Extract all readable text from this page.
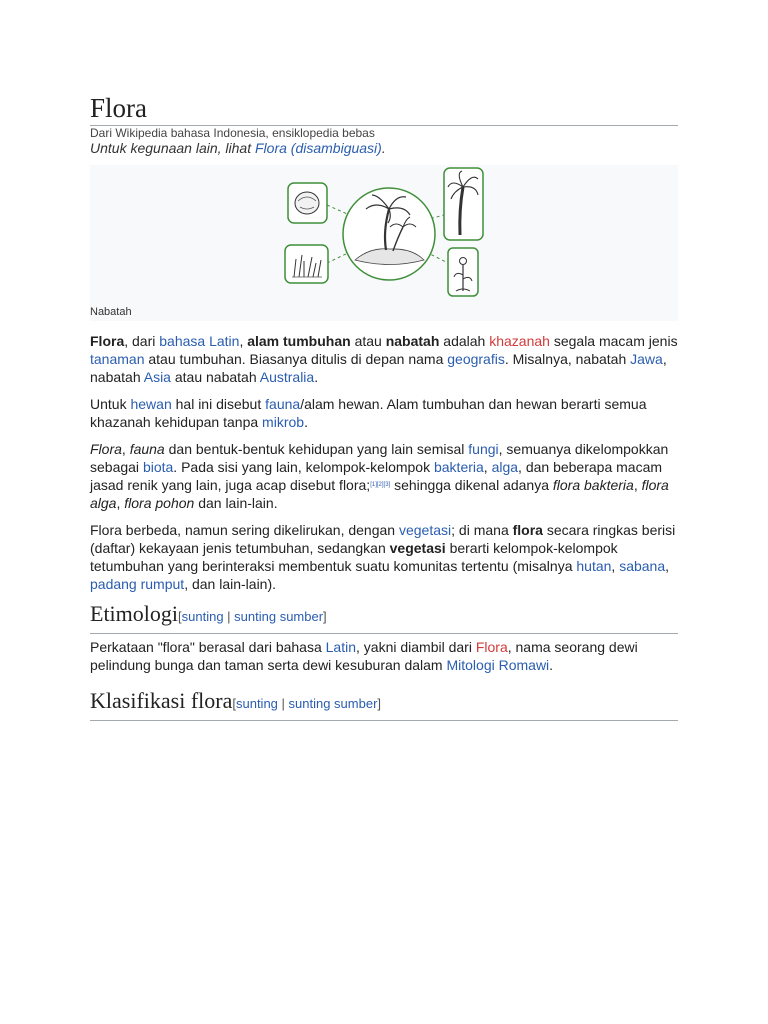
Flora
Dari Wikipedia bahasa Indonesia, ensiklopedia bebas
Untuk kegunaan lain, lihat Flora (disambiguasi).
Nabatah

Flora, dari bahasa Latin, alam tumbuhan atau nabatah adalah khazanah segala macam jenis tanaman atau tumbuhan. Biasanya ditulis di depan nama geografis. Misalnya, nabatah Jawa, nabatah Asia atau nabatah Australia.

Untuk hewan hal ini disebut fauna/alam hewan. Alam tumbuhan dan hewan berarti semua khazanah kehidupan tanpa mikrob.

Flora, fauna dan bentuk-bentuk kehidupan yang lain semisal fungi, semuanya dikelompokkan sebagai biota. Pada sisi yang lain, kelompok-kelompok bakteria, alga, dan beberapa macam jasad renik yang lain, juga acap disebut flora;[1][2][3] sehingga dikenal adanya flora bakteria, flora alga, flora pohon dan lain-lain.

Flora berbeda, namun sering dikelirukan, dengan vegetasi; di mana flora secara ringkas berisi (daftar) kekayaan jenis tetumbuhan, sedangkan vegetasi berarti kelompok-kelompok tetumbuhan yang berinteraksi membentuk suatu komunitas tertentu (misalnya hutan, sabana, padang rumput, dan lain-lain).

Etimologi[sunting | sunting sumber]

Perkataan "flora" berasal dari bahasa Latin, yakni diambil dari Flora, nama seorang dewi pelindung bunga dan taman serta dewi kesuburan dalam Mitologi Romawi.

Klasifikasi flora[sunting | sunting sumber]
